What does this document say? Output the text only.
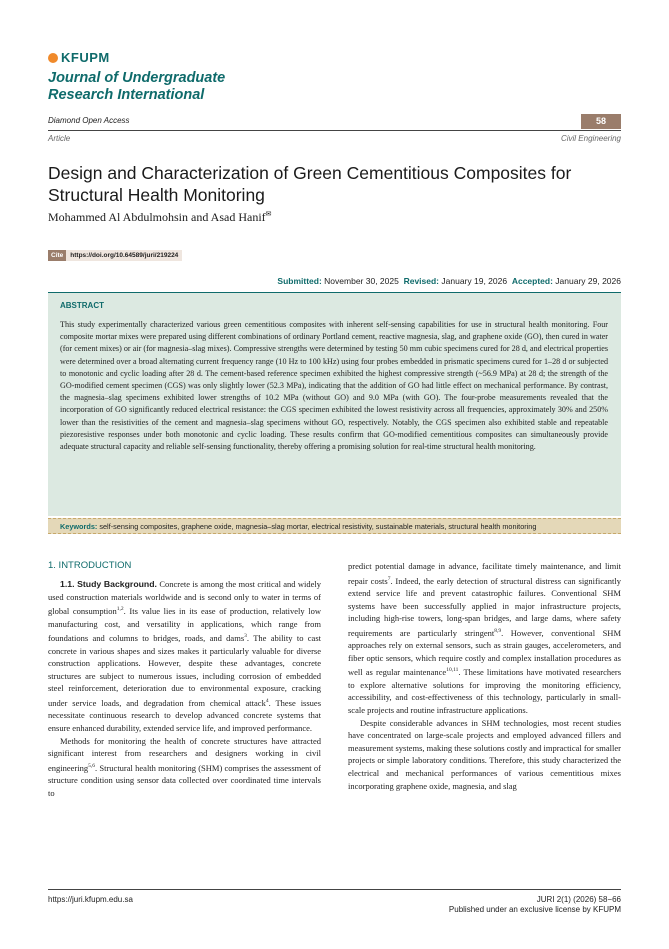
KFUPM
Journal of Undergraduate
Research International
Diamond Open Access	58
Article	Civil Engineering
Design and Characterization of Green Cementitious Composites for Structural Health Monitoring
Mohammed Al Abdulmohsin and Asad Hanif✉
Cite	https://doi.org/10.64589/juri/219224
Submitted: November 30, 2025 Revised: January 19, 2026 Accepted: January 29, 2026
ABSTRACT
This study experimentally characterized various green cementitious composites with inherent self-sensing capabilities for use in structural health monitoring. Four composite mortar mixes were prepared using different combinations of ordinary Portland cement, reactive magnesia, slag, and graphene oxide (GO), then cured in water (for cement mixes) or air (for magnesia–slag mixes). Compressive strengths were determined by testing 50 mm cubic specimens cured for 28 d, and electrical properties were determined over a broad alternating current frequency range (10 Hz to 100 kHz) using four probes embedded in prismatic specimens cured for 1–28 d or subjected to monotonic and cyclic loading after 28 d. The cement-based reference specimen exhibited the highest compressive strength (~56.9 MPa) at 28 d; the strength of the GO-modified cement specimen (CGS) was only slightly lower (52.3 MPa), indicating that the addition of GO had little effect on mechanical performance. By contrast, the magnesia–slag specimens exhibited lower strengths of 10.2 MPa (without GO) and 9.0 MPa (with GO). The four-probe measurements revealed that the incorporation of GO significantly reduced electrical resistance: the CGS specimen exhibited the lowest resistivity across all frequencies, approximately 30% and 250% lower than the resistivities of the cement and magnesia–slag specimens without GO, respectively. Notably, the CGS specimen also exhibited stable and repeatable piezoresistive responses under both monotonic and cyclic loading. These results confirm that GO-modified cementitious composites can simultaneously provide adequate structural capacity and reliable self-sensing functionality, thereby offering a promising solution for real-time structural health monitoring.
Keywords: self-sensing composites, graphene oxide, magnesia–slag mortar, electrical resistivity, sustainable materials, structural health monitoring
1. INTRODUCTION

1.1. Study Background. Concrete is among the most critical and widely used construction materials worldwide and is second only to water in terms of global consumption$^{1,2}$. Its value lies in its ease of production, relatively low manufacturing cost, and versatility in applications, which range from foundations and columns to bridges, roads, and dams$^3$. The ability to cast concrete in various shapes and sizes makes it particularly valuable for diverse construction applications. However, despite these advantages, concrete structures are subject to numerous issues, including corrosion of embedded steel reinforcement, deterioration due to environmental exposure, cracking under service loads, and degradation from chemical attack$^4$. These issues necessitate continuous research to develop advanced concrete systems that ensure enhanced durability, extended service life, and improved performance.

Methods for monitoring the health of concrete structures have attracted significant interest from researchers and designers working in civil engineering$^{5,6}$. Structural health monitoring (SHM) comprises the assessment of structure condition using sensor data collected over coordinated time intervals to

predict potential damage in advance, facilitate timely maintenance, and limit repair costs$^7$. Indeed, the early detection of structural distress can significantly extend service life and prevent catastrophic failures. Conventional SHM systems have been successfully applied in major infrastructure projects, including high-rise towers, long-span bridges, and large dams, where safety requirements are particularly stringent$^{8,9}$. However, conventional SHM approaches rely on external sensors, such as strain gauges, accelerometers, and fiber optic sensors, which require costly and complex installation procedures as well as regular maintenance$^{10,11}$. These limitations have motivated researchers to explore alternative solutions for improving the monitoring efficiency, accessibility, and cost-effectiveness of this technology, particularly in small-scale projects and routine infrastructure applications.

Despite considerable advances in SHM technologies, most recent studies have concentrated on large-scale projects and employed advanced fillers and measurement systems, making these solutions costly and impractical for smaller projects or simple laboratory conditions. Therefore, this study characterized the electrical and mechanical performances of various cementitious mixes incorporating graphene oxide, magnesia, and slag

https://juri.kfupm.edu.sa	JURI 2(1) (2026) 58−66
Published under an exclusive license by KFUPM
